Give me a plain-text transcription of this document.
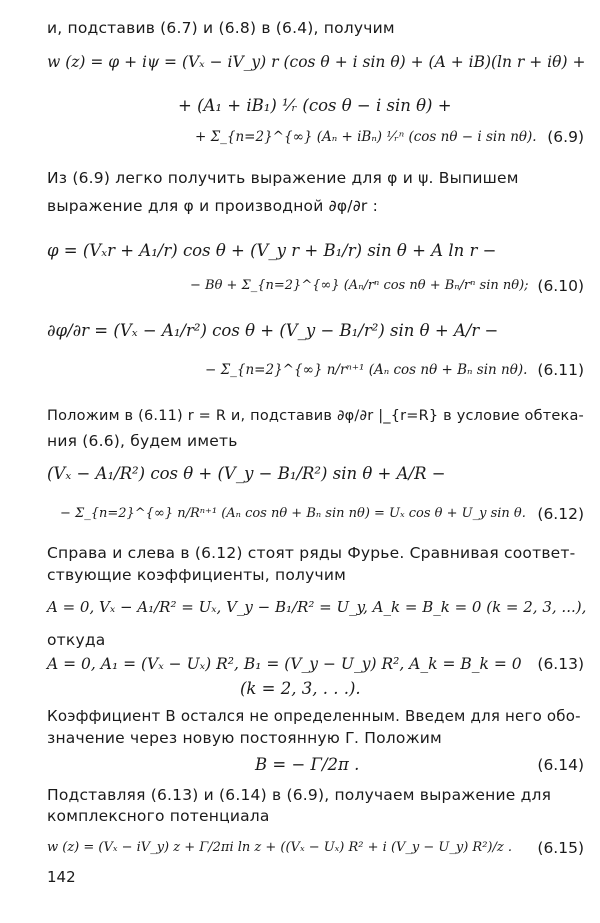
и, подставив (6.7) и (6.8) в (6.4), получим
w (z) = φ + iψ = (Vₓ − iV_y) r (cos θ + i sin θ) + (A + iB)(ln r + iθ) +
+ (A₁ + iB₁) ¹⁄ᵣ (cos θ − i sin θ) +
+ Σ_{n=2}^{∞} (Aₙ + iBₙ) ¹⁄ᵣⁿ (cos nθ − i sin nθ). (6.9)
Из (6.9) легко получить выражение для φ и ψ. Выпишем
выражение для φ и производной ∂φ/∂r :
φ = (Vₓr + A₁/r) cos θ + (V_y r + B₁/r) sin θ + A ln r −
− Bθ + Σ_{n=2}^{∞} (Aₙ/rⁿ cos nθ + Bₙ/rⁿ sin nθ); (6.10)
∂φ/∂r = (Vₓ − A₁/r²) cos θ + (V_y − B₁/r²) sin θ + A/r −
− Σ_{n=2}^{∞} n/rⁿ⁺¹ (Aₙ cos nθ + Bₙ sin nθ). (6.11)
Положим в (6.11) r = R и, подставив ∂φ/∂r |_{r=R} в условие обтека-
ния (6.6), будем иметь
(Vₓ − A₁/R²) cos θ + (V_y − B₁/R²) sin θ + A/R −
− Σ_{n=2}^{∞} n/Rⁿ⁺¹ (Aₙ cos nθ + Bₙ sin nθ) = Uₓ cos θ + U_y sin θ. (6.12)
Справа и слева в (6.12) стоят ряды Фурье. Сравнивая соответ-
ствующие коэффициенты, получим
A = 0, Vₓ − A₁/R² = Uₓ, V_y − B₁/R² = U_y, A_k = B_k = 0 (k = 2, 3, ...),
откуда
A = 0, A₁ = (Vₓ − Uₓ) R², B₁ = (V_y − U_y) R², A_k = B_k = 0 (6.13)
(k = 2, 3, . . .).
Коэффициент B остался не определенным. Введем для него обо-
значение через новую постоянную Γ. Положим
B = − Γ/2π .	(6.14)
Подставляя (6.13) и (6.14) в (6.9), получаем выражение для
комплексного потенциала
w (z) = (Vₓ − iV_y) z + Γ/2πi ln z + ((Vₓ − Uₓ) R² + i (V_y − U_y) R²)/z . (6.15)
142
